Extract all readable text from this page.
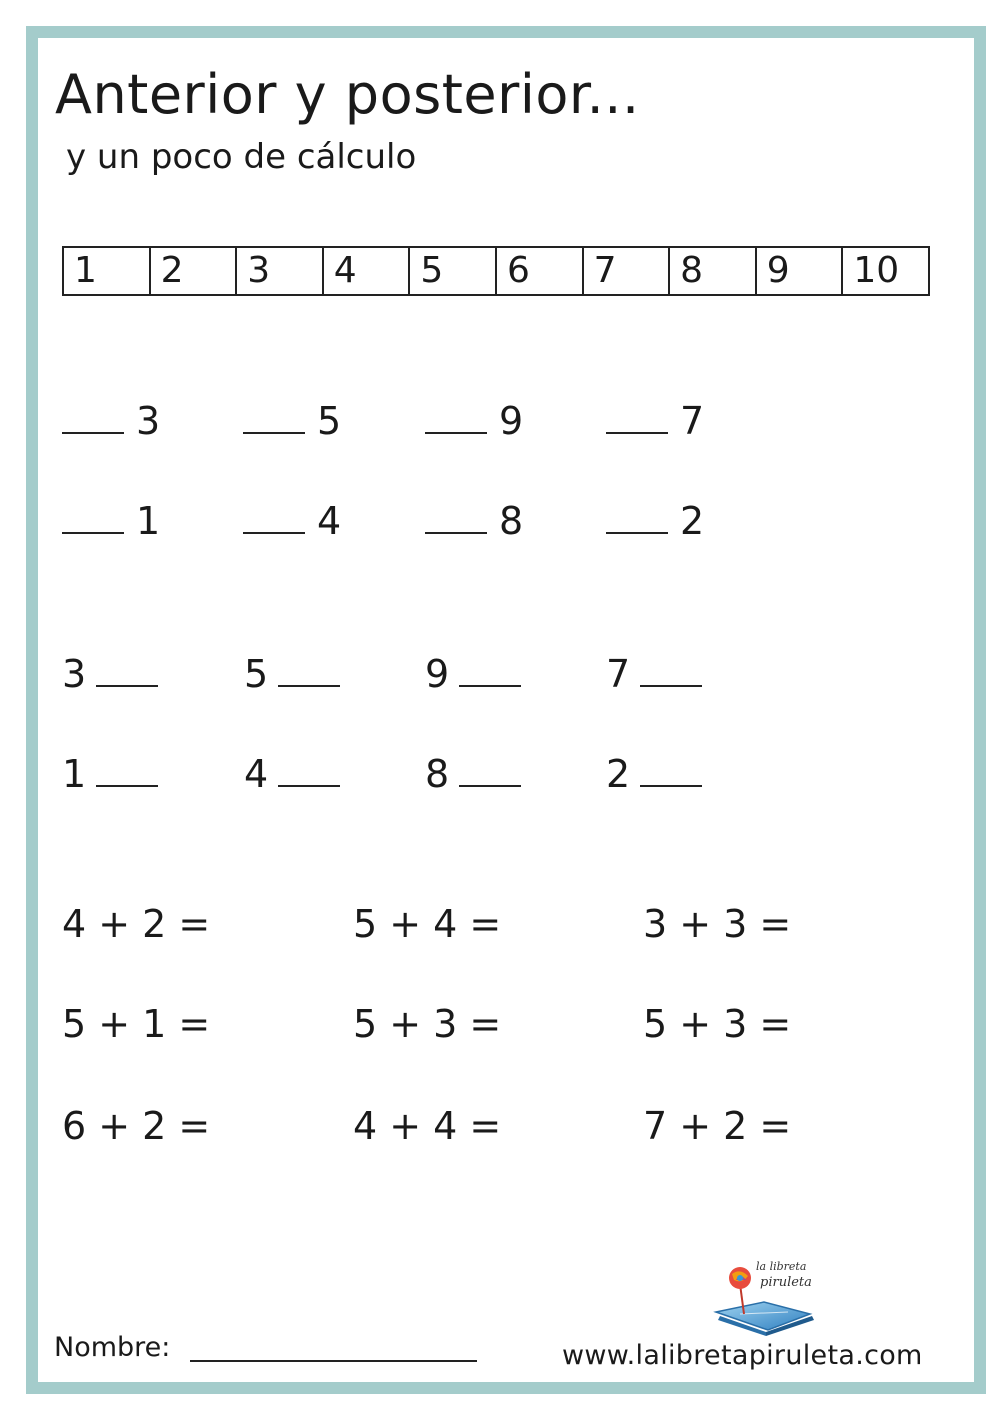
Anterior y posterior...
y un poco de cálculo
1	2	3	4	5	6	7	8	9	10
3	5	9	7
1	4	8	2
3	5	9	7
1	4	8	2
4 + 2 =	5 + 4 =	3 + 3 =
5 + 1 =	5 + 3 =	5 + 3 =
6 + 2 =	4 + 4 =	7 + 2 =
la libreta
piruleta
Nombre:	www.lalibretapiruleta.com
